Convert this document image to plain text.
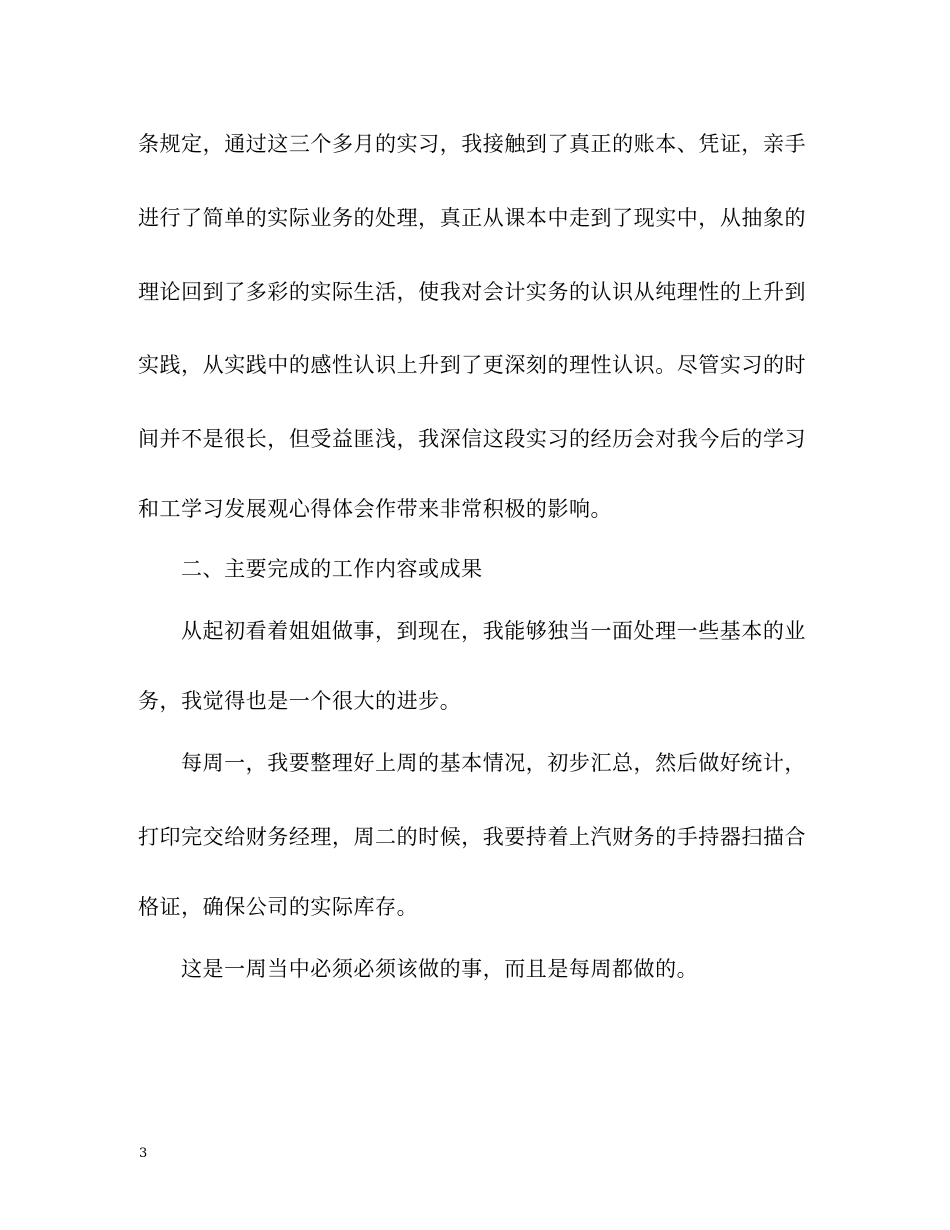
条规定，通过这三个多月的实习，我接触到了真正的账本、凭证，亲手
进行了简单的实际业务的处理，真正从课本中走到了现实中，从抽象的
理论回到了多彩的实际生活，使我对会计实务的认识从纯理性的上升到
实践，从实践中的感性认识上升到了更深刻的理性认识。尽管实习的时
间并不是很长，但受益匪浅，我深信这段实习的经历会对我今后的学习
和工学习发展观心得体会作带来非常积极的影响。
二、主要完成的工作内容或成果
从起初看着姐姐做事，到现在，我能够独当一面处理一些基本的业
务，我觉得也是一个很大的进步。
每周一，我要整理好上周的基本情况，初步汇总，然后做好统计，
打印完交给财务经理，周二的时候，我要持着上汽财务的手持器扫描合
格证，确保公司的实际库存。
这是一周当中必须必须该做的事，而且是每周都做的。
3
